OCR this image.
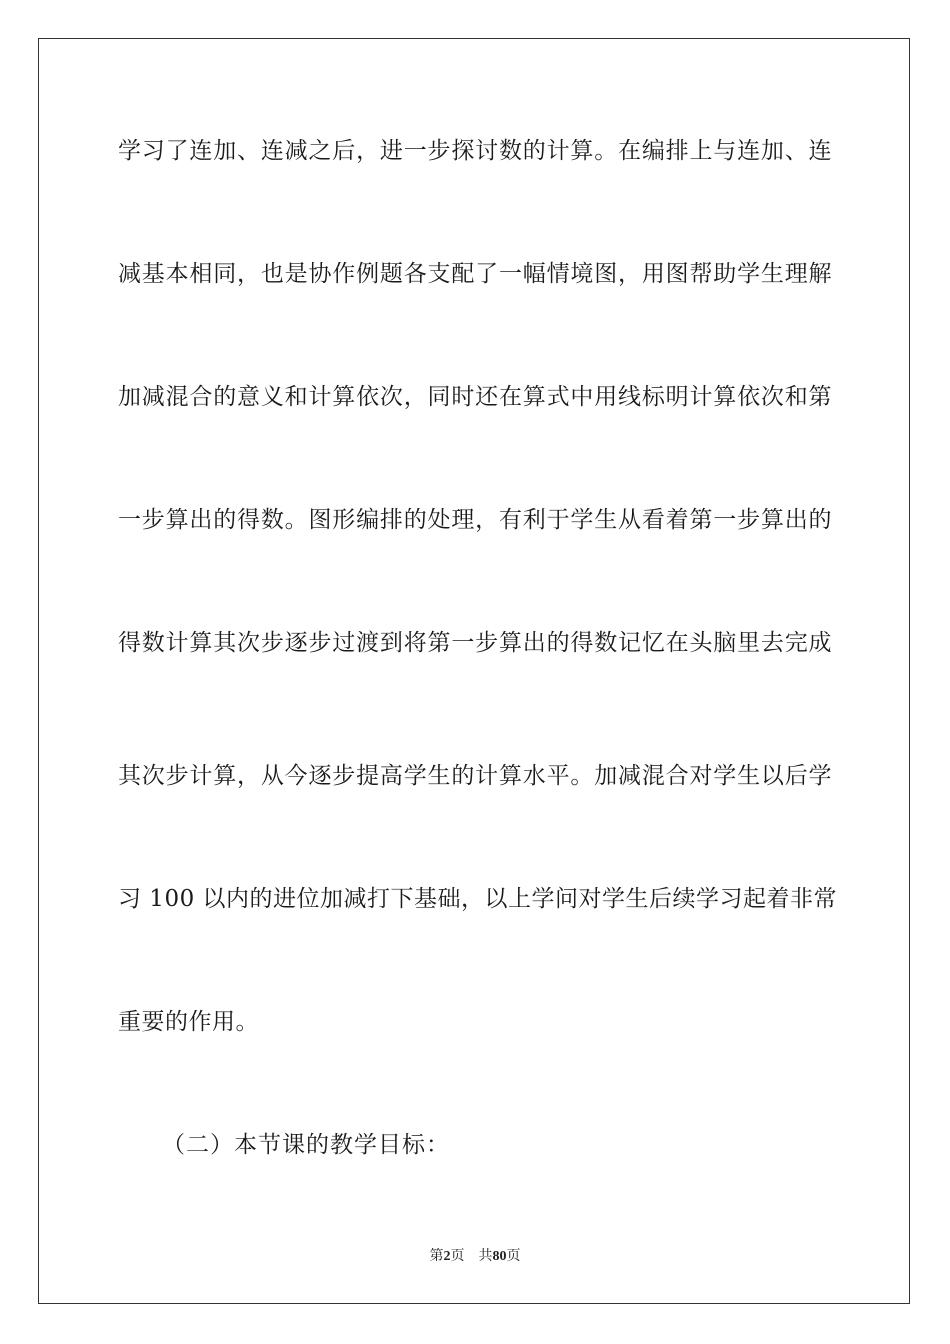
学习了连加、连减之后，进一步探讨数的计算。在编排上与连加、连
减基本相同，也是协作例题各支配了一幅情境图，用图帮助学生理解
加减混合的意义和计算依次，同时还在算式中用线标明计算依次和第
一步算出的得数。图形编排的处理，有利于学生从看着第一步算出的
得数计算其次步逐步过渡到将第一步算出的得数记忆在头脑里去完成
其次步计算，从今逐步提高学生的计算水平。加减混合对学生以后学
习 100 以内的进位加减打下基础，以上学问对学生后续学习起着非常
重要的作用。
（二）本节课的教学目标：
第2页 共80页
